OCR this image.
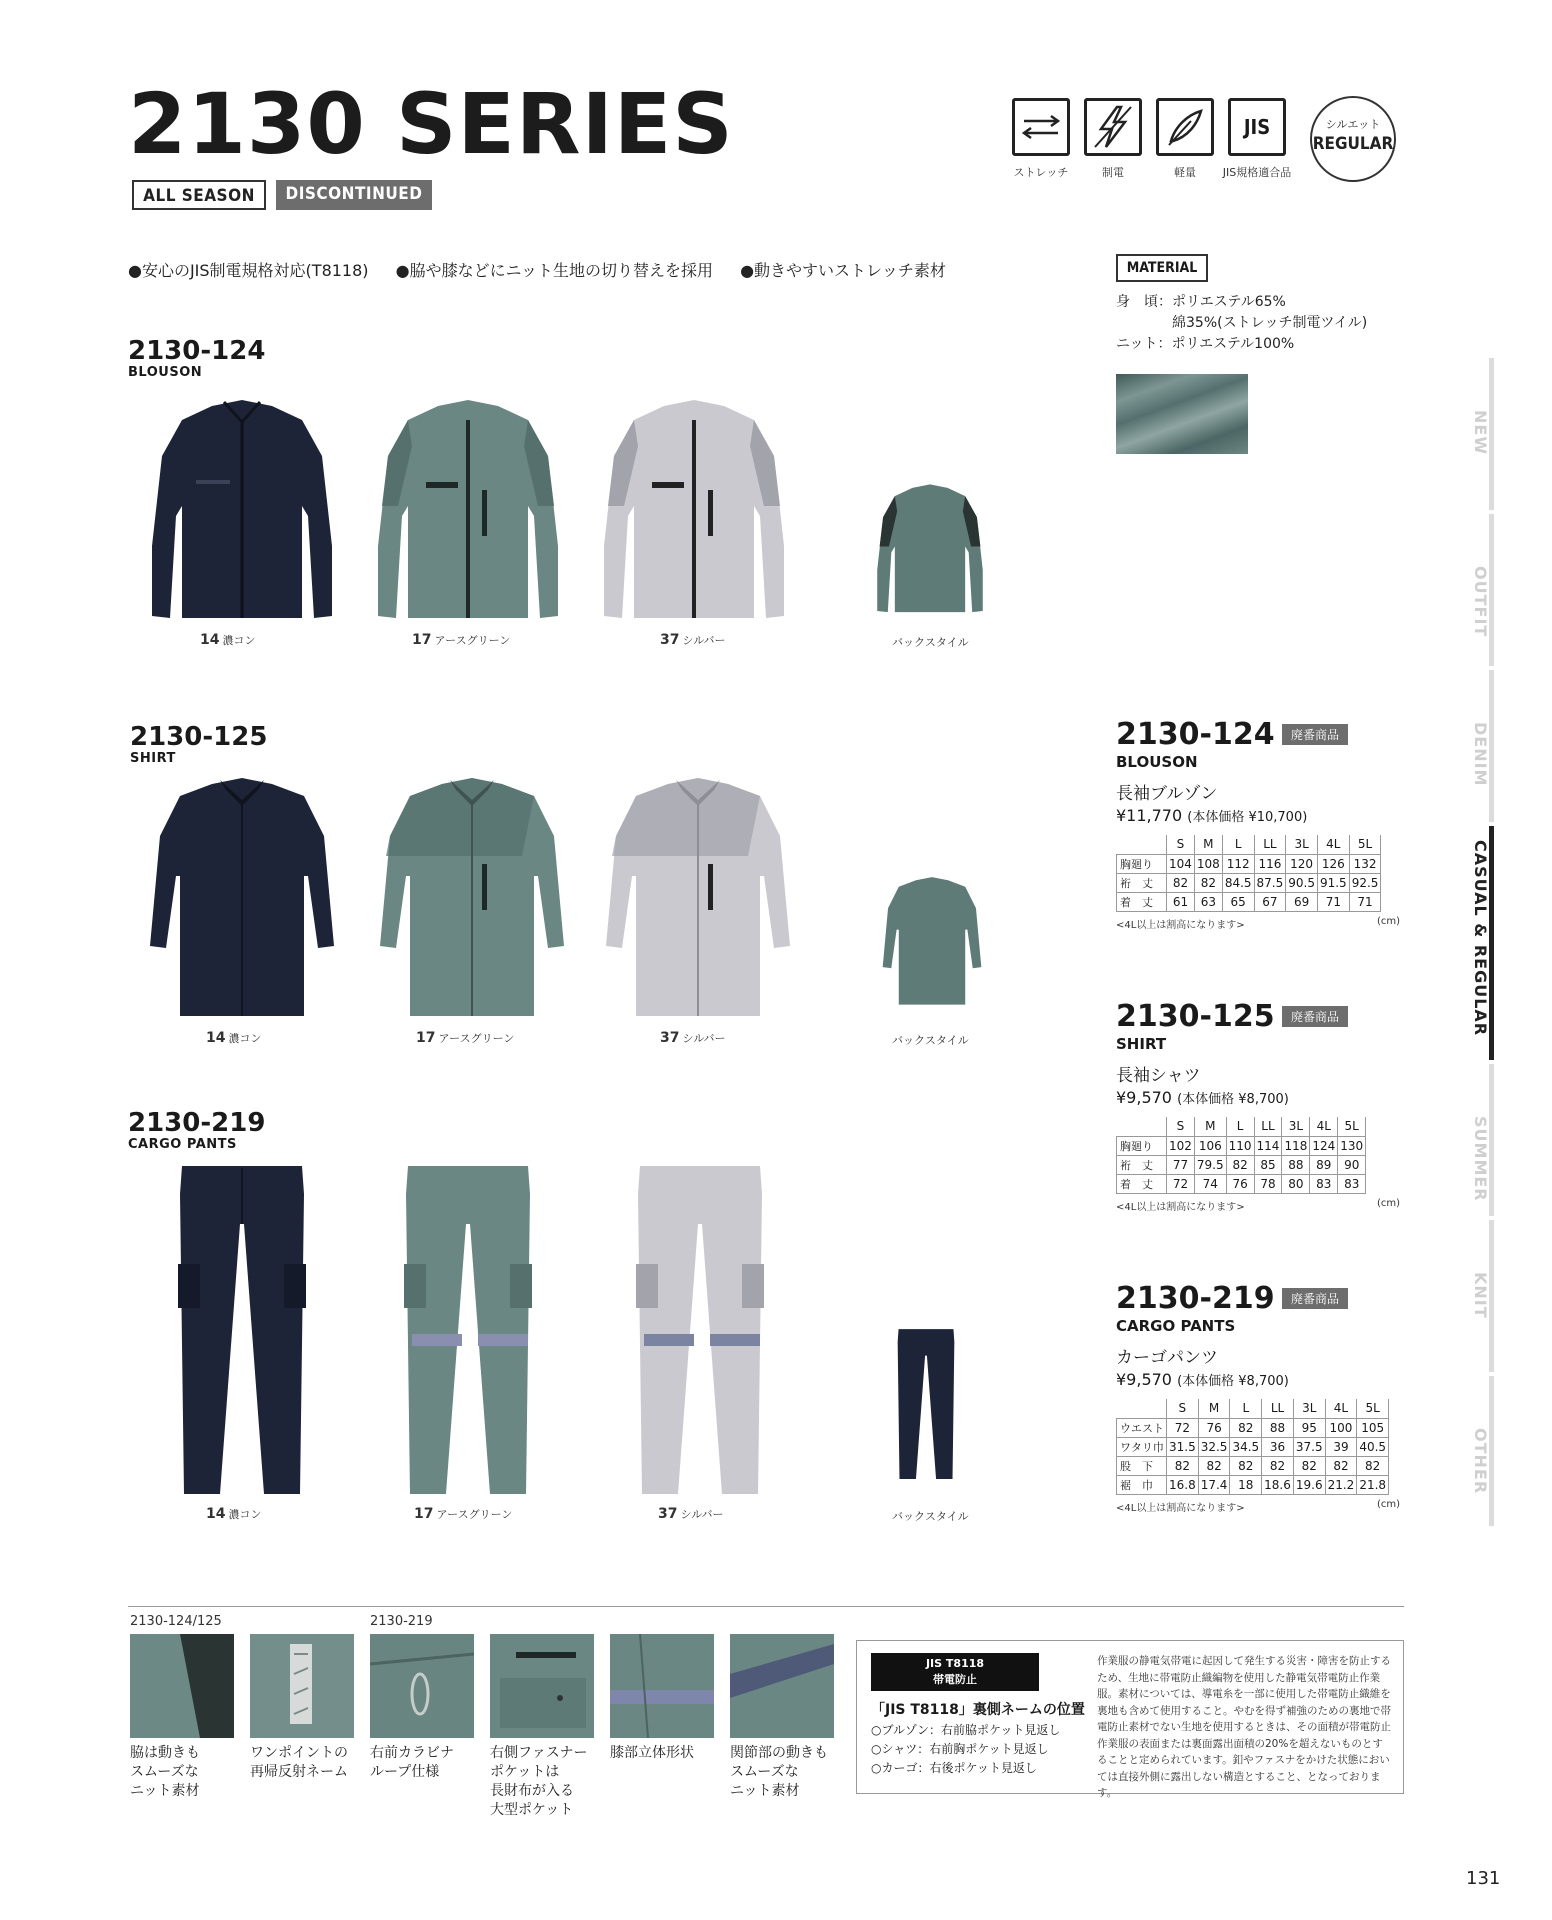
2130 SERIES
ALL SEASON	DISCONTINUED
JIS
ストレッチ	制電	軽量	JIS規格適合品
シルエット
REGULAR
●安心のJIS制電規格対応(T8118) ●脇や膝などにニット生地の切り替えを採用 ●動きやすいストレッチ素材	MATERIAL
身　頃：ポリエステル65%
　　　　綿35%(ストレッチ制電ツイル)
ニット：ポリエステル100%
2130-124
BLOUSON
14 濃コン	17 アースグリーン	37 シルバー	バックスタイル
2130-125
SHIRT
14 濃コン	17 アースグリーン	37 シルバー	バックスタイル
2130-219
CARGO PANTS
14 濃コン	17 アースグリーン	37 シルバー	バックスタイル
2130-124	廃番商品
BLOUSON
長袖ブルゾン
¥11,770 (本体価格 ¥10,700)
	S	M	L	LL	3L	4L	5L
胸廻り	104	108	112	116	120	126	132
裄　丈	82	82	84.5	87.5	90.5	91.5	92.5
着　丈	61	63	65	67	69	71	71
<4L以上は割高になります>	(cm)
2130-125	廃番商品
SHIRT
長袖シャツ
¥9,570 (本体価格 ¥8,700)
	S	M	L	LL	3L	4L	5L
胸廻り	102	106	110	114	118	124	130
裄　丈	77	79.5	82	85	88	89	90
着　丈	72	74	76	78	80	83	83
<4L以上は割高になります>	(cm)
2130-219	廃番商品
CARGO PANTS
カーゴパンツ
¥9,570 (本体価格 ¥8,700)
	S	M	L	LL	3L	4L	5L
ウエスト	72	76	82	88	95	100	105
ワタリ巾	31.5	32.5	34.5	36	37.5	39	40.5
股　下	82	82	82	82	82	82	82
裾　巾	16.8	17.4	18	18.6	19.6	21.2	21.8
<4L以上は割高になります>	(cm)
NEW
OUTFIT
DENIM
CASUAL & REGULAR
SUMMER
KNIT
OTHER
2130-124/125	2130-219
脇は動きも
スムーズな
ニット素材
ワンポイントの
再帰反射ネーム
右前カラビナ
ループ仕様
右側ファスナー
ポケットは
長財布が入る
大型ポケット
膝部立体形状	関節部の動きも
スムーズな
ニット素材
JIS T8118
帯電防止
「JIS T8118」裏側ネームの位置
○ブルゾン：右前脇ポケット見返し
○シャツ：右前胸ポケット見返し
○カーゴ：右後ポケット見返し
作業服の静電気帯電に起因して発生する災害・障害を防止するため、生地に帯電防止織編物を使用した静電気帯電防止作業服。素材については、導電糸を一部に使用した帯電防止織維を裏地も含めて使用すること。やむを得ず補強のための裏地で帯電防止素材でない生地を使用するときは、その面積が帯電防止作業服の表面または裏面露出面積の20%を超えないものとすることと定められています。釦やファスナをかけた状態においては直接外側に露出しない構造とすること、となっております。
131
